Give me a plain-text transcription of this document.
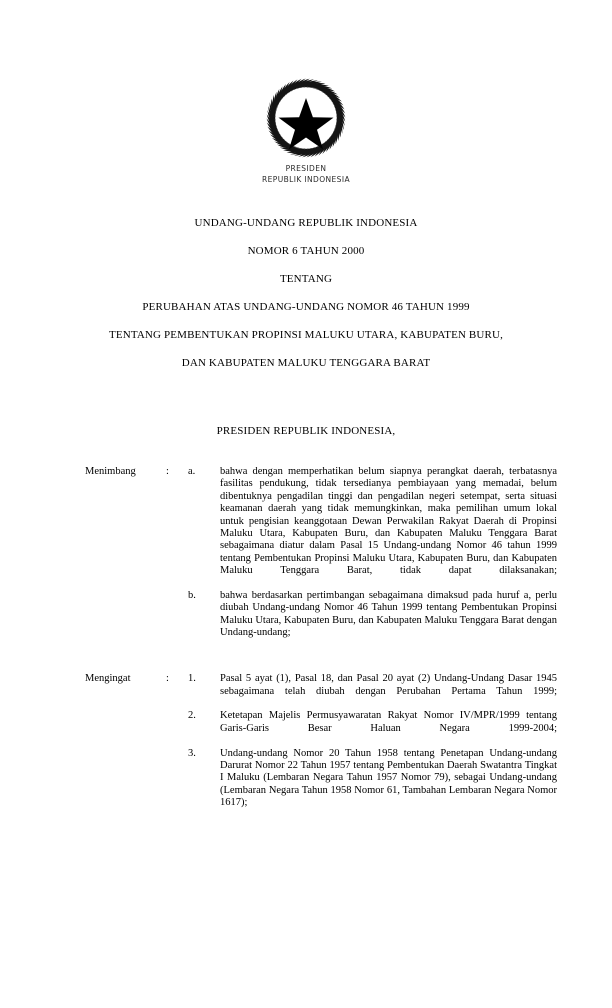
PRESIDEN
REPUBLIK INDONESIA
UNDANG-UNDANG REPUBLIK INDONESIA
NOMOR 6 TAHUN 2000
TENTANG
PERUBAHAN ATAS UNDANG-UNDANG NOMOR 46 TAHUN 1999
TENTANG PEMBENTUKAN PROPINSI MALUKU UTARA, KABUPATEN BURU,
DAN KABUPATEN MALUKU TENGGARA BARAT
PRESIDEN REPUBLIK INDONESIA,
Menimbang	: a.	bahwa dengan memperhatikan belum siapnya perangkat daerah, terbatasnya fasilitas pendukung, tidak tersedianya pembiayaan yang memadai, belum dibentuknya pengadilan tinggi dan pengadilan negeri setempat, serta situasi keamanan daerah yang tidak memungkinkan, maka pemilihan umum lokal untuk pengisian keanggotaan Dewan Perwakilan Rakyat Daerah di Propinsi Maluku Utara, Kabupaten Buru, dan Kabupaten Maluku Tenggara Barat sebagaimana diatur dalam Pasal 15 Undang-undang Nomor 46 tahun 1999 tentang Pembentukan Propinsi Maluku Utara, Kabupaten Buru, dan Kabupaten Maluku Tenggara Barat, tidak dapat dilaksanakan;
b.	bahwa berdasarkan pertimbangan sebagaimana dimaksud pada huruf a, perlu diubah Undang-undang Nomor 46 Tahun 1999 tentang Pembentukan Propinsi Maluku Utara, Kabupaten Buru, dan Kabupaten Maluku Tenggara Barat dengan Undang-undang;
Mengingat	: 1.	Pasal 5 ayat (1), Pasal 18, dan Pasal 20 ayat (2) Undang-Undang Dasar 1945 sebagaimana telah diubah dengan Perubahan Pertama Tahun 1999;
2.	Ketetapan Majelis Permusyawaratan Rakyat Nomor IV/MPR/1999 tentang Garis-Garis Besar Haluan Negara 1999-2004;
3.	Undang-undang Nomor 20 Tahun 1958 tentang Penetapan Undang-undang Darurat Nomor 22 Tahun 1957 tentang Pembentukan Daerah Swatantra Tingkat I Maluku (Lembaran Negara Tahun 1957 Nomor 79), sebagai Undang-undang (Lembaran Negara Tahun 1958 Nomor 61, Tambahan Lembaran Negara Nomor 1617);
